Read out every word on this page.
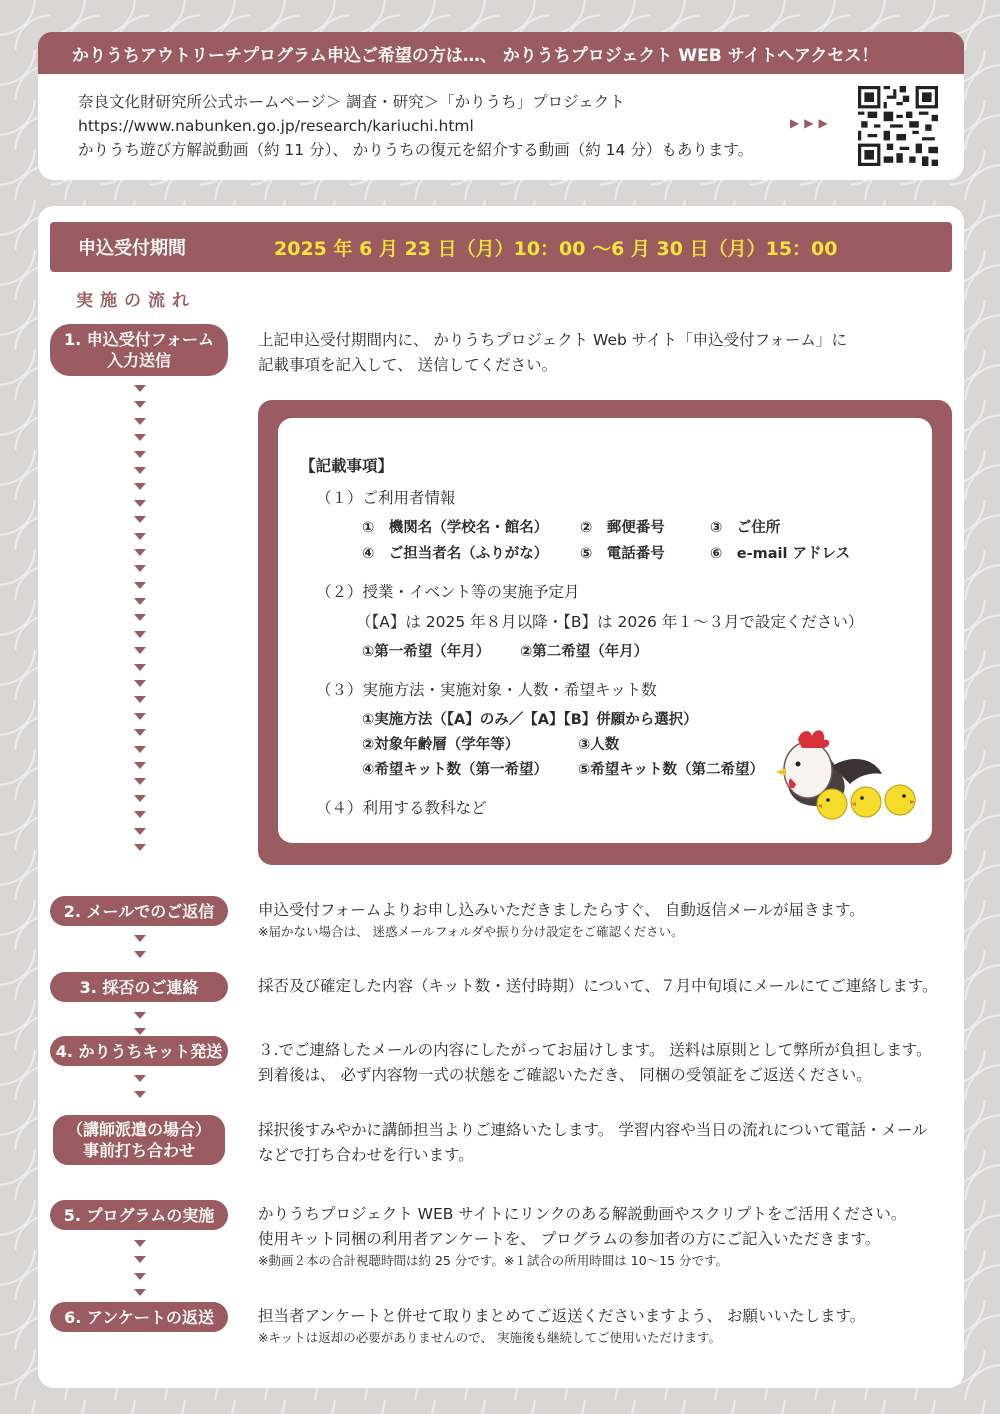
かりうちアウトリーチプログラム申込ご希望の方は…、 かりうちプロジェクト WEB サイトへアクセス！
奈良文化財研究所公式ホームページ＞ 調査・研究＞「かりうち」プロジェクト
https://www.nabunken.go.jp/research/kariuchi.html
かりうち遊び方解説動画（約 11 分）、 かりうちの復元を紹介する動画（約 14 分）もあります。
▶▶▶
申込受付期間	2025 年 6 月 23 日（月）10：00 ～6 月 30 日（月）15：00
実施の流れ
1. 申込受付フォーム
入力送信
上記申込受付期間内に、 かりうちプロジェクト Web サイト「申込受付フォーム」に
記載事項を記入して、 送信してください。
【記載事項】
（１）ご利用者情報
①　機関名（学校名・館名） ②　郵便番号	③　ご住所
④　ご担当者名（ふりがな） ⑤　電話番号	⑥　e-mail アドレス
（２）授業・イベント等の実施予定月
（【A】は 2025 年８月以降・【B】は 2026 年１～３月で設定ください）
①第一希望（年月） ②第二希望（年月）
（３）実施方法・実施対象・人数・希望キット数
①実施方法（【A】のみ／【A】【B】併願から選択）
②対象年齢層（学年等）	③人数
④希望キット数（第一希望） ⑤希望キット数（第二希望）
（４）利用する教科など
2. メールでのご返信	申込受付フォームよりお申し込みいただきましたらすぐ、 自動返信メールが届きます。
※届かない場合は、 迷惑メールフォルダや振り分け設定をご確認ください。
3. 採否のご連絡	採否及び確定した内容（キット数・送付時期）について、７月中旬頃にメールにてご連絡します。
4. かりうちキット発送	３.でご連絡したメールの内容にしたがってお届けします。 送料は原則として弊所が負担します。
到着後は、 必ず内容物一式の状態をご確認いただき、 同梱の受領証をご返送ください。
（講師派遣の場合）
事前打ち合わせ
採択後すみやかに講師担当よりご連絡いたします。 学習内容や当日の流れについて電話・メール
などで打ち合わせを行います。
5. プログラムの実施	かりうちプロジェクト WEB サイトにリンクのある解説動画やスクリプトをご活用ください。
使用キット同梱の利用者アンケートを、 プログラムの参加者の方にご記入いただきます。
※動画２本の合計視聴時間は約 25 分です。※１試合の所用時間は 10～15 分です。
6. アンケートの返送	担当者アンケートと併せて取りまとめてご返送くださいますよう、 お願いいたします。
※キットは返却の必要がありませんので、 実施後も継続してご使用いただけます。
